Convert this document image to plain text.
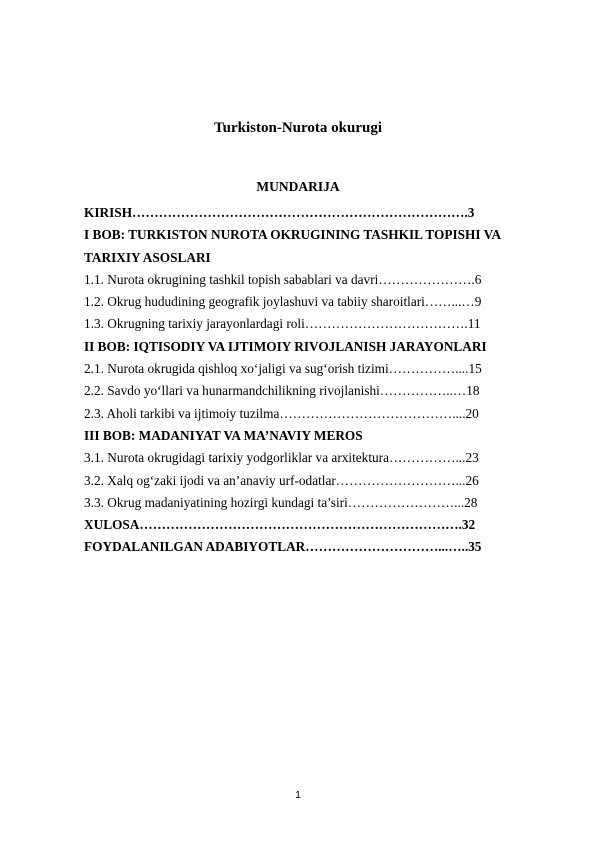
Turkiston-Nurota okurugi
MUNDARIJA
KIRISH………………………………………………………………….3
I BOB: TURKISTON NUROTA OKRUGINING TASHKIL TOPISHI VA
TARIXIY ASOSLARI
1.1. Nurota okrugining tashkil topish sabablari va davri………………….6
1.2. Okrug hududining geografik joylashuvi va tabiiy sharoitlari……...…9
1.3. Okrugning tarixiy jarayonlardagi roli……………………………….11
II BOB: IQTISODIY VA IJTIMOIY RIVOJLANISH JARAYONLARI
2.1. Nurota okrugida qishloq xo‘jaligi va sug‘orish tizimi……………....15
2.2. Savdo yo‘llari va hunarmandchilikning rivojlanishi……………..…18
2.3. Aholi tarkibi va ijtimoiy tuzilma…………………………………....20
III BOB: MADANIYAT VA MA’NAVIY MEROS
3.1. Nurota okrugidagi tarixiy yodgorliklar va arxitektura……………...23
3.2. Xalq og‘zaki ijodi va an’anaviy urf-odatlar………………………...26
3.3. Okrug madaniyatining hozirgi kundagi ta’siri……………………...28
XULOSA……………………………………………………………….32
FOYDALANILGAN ADABIYOTLAR…………………………...…..35

1
